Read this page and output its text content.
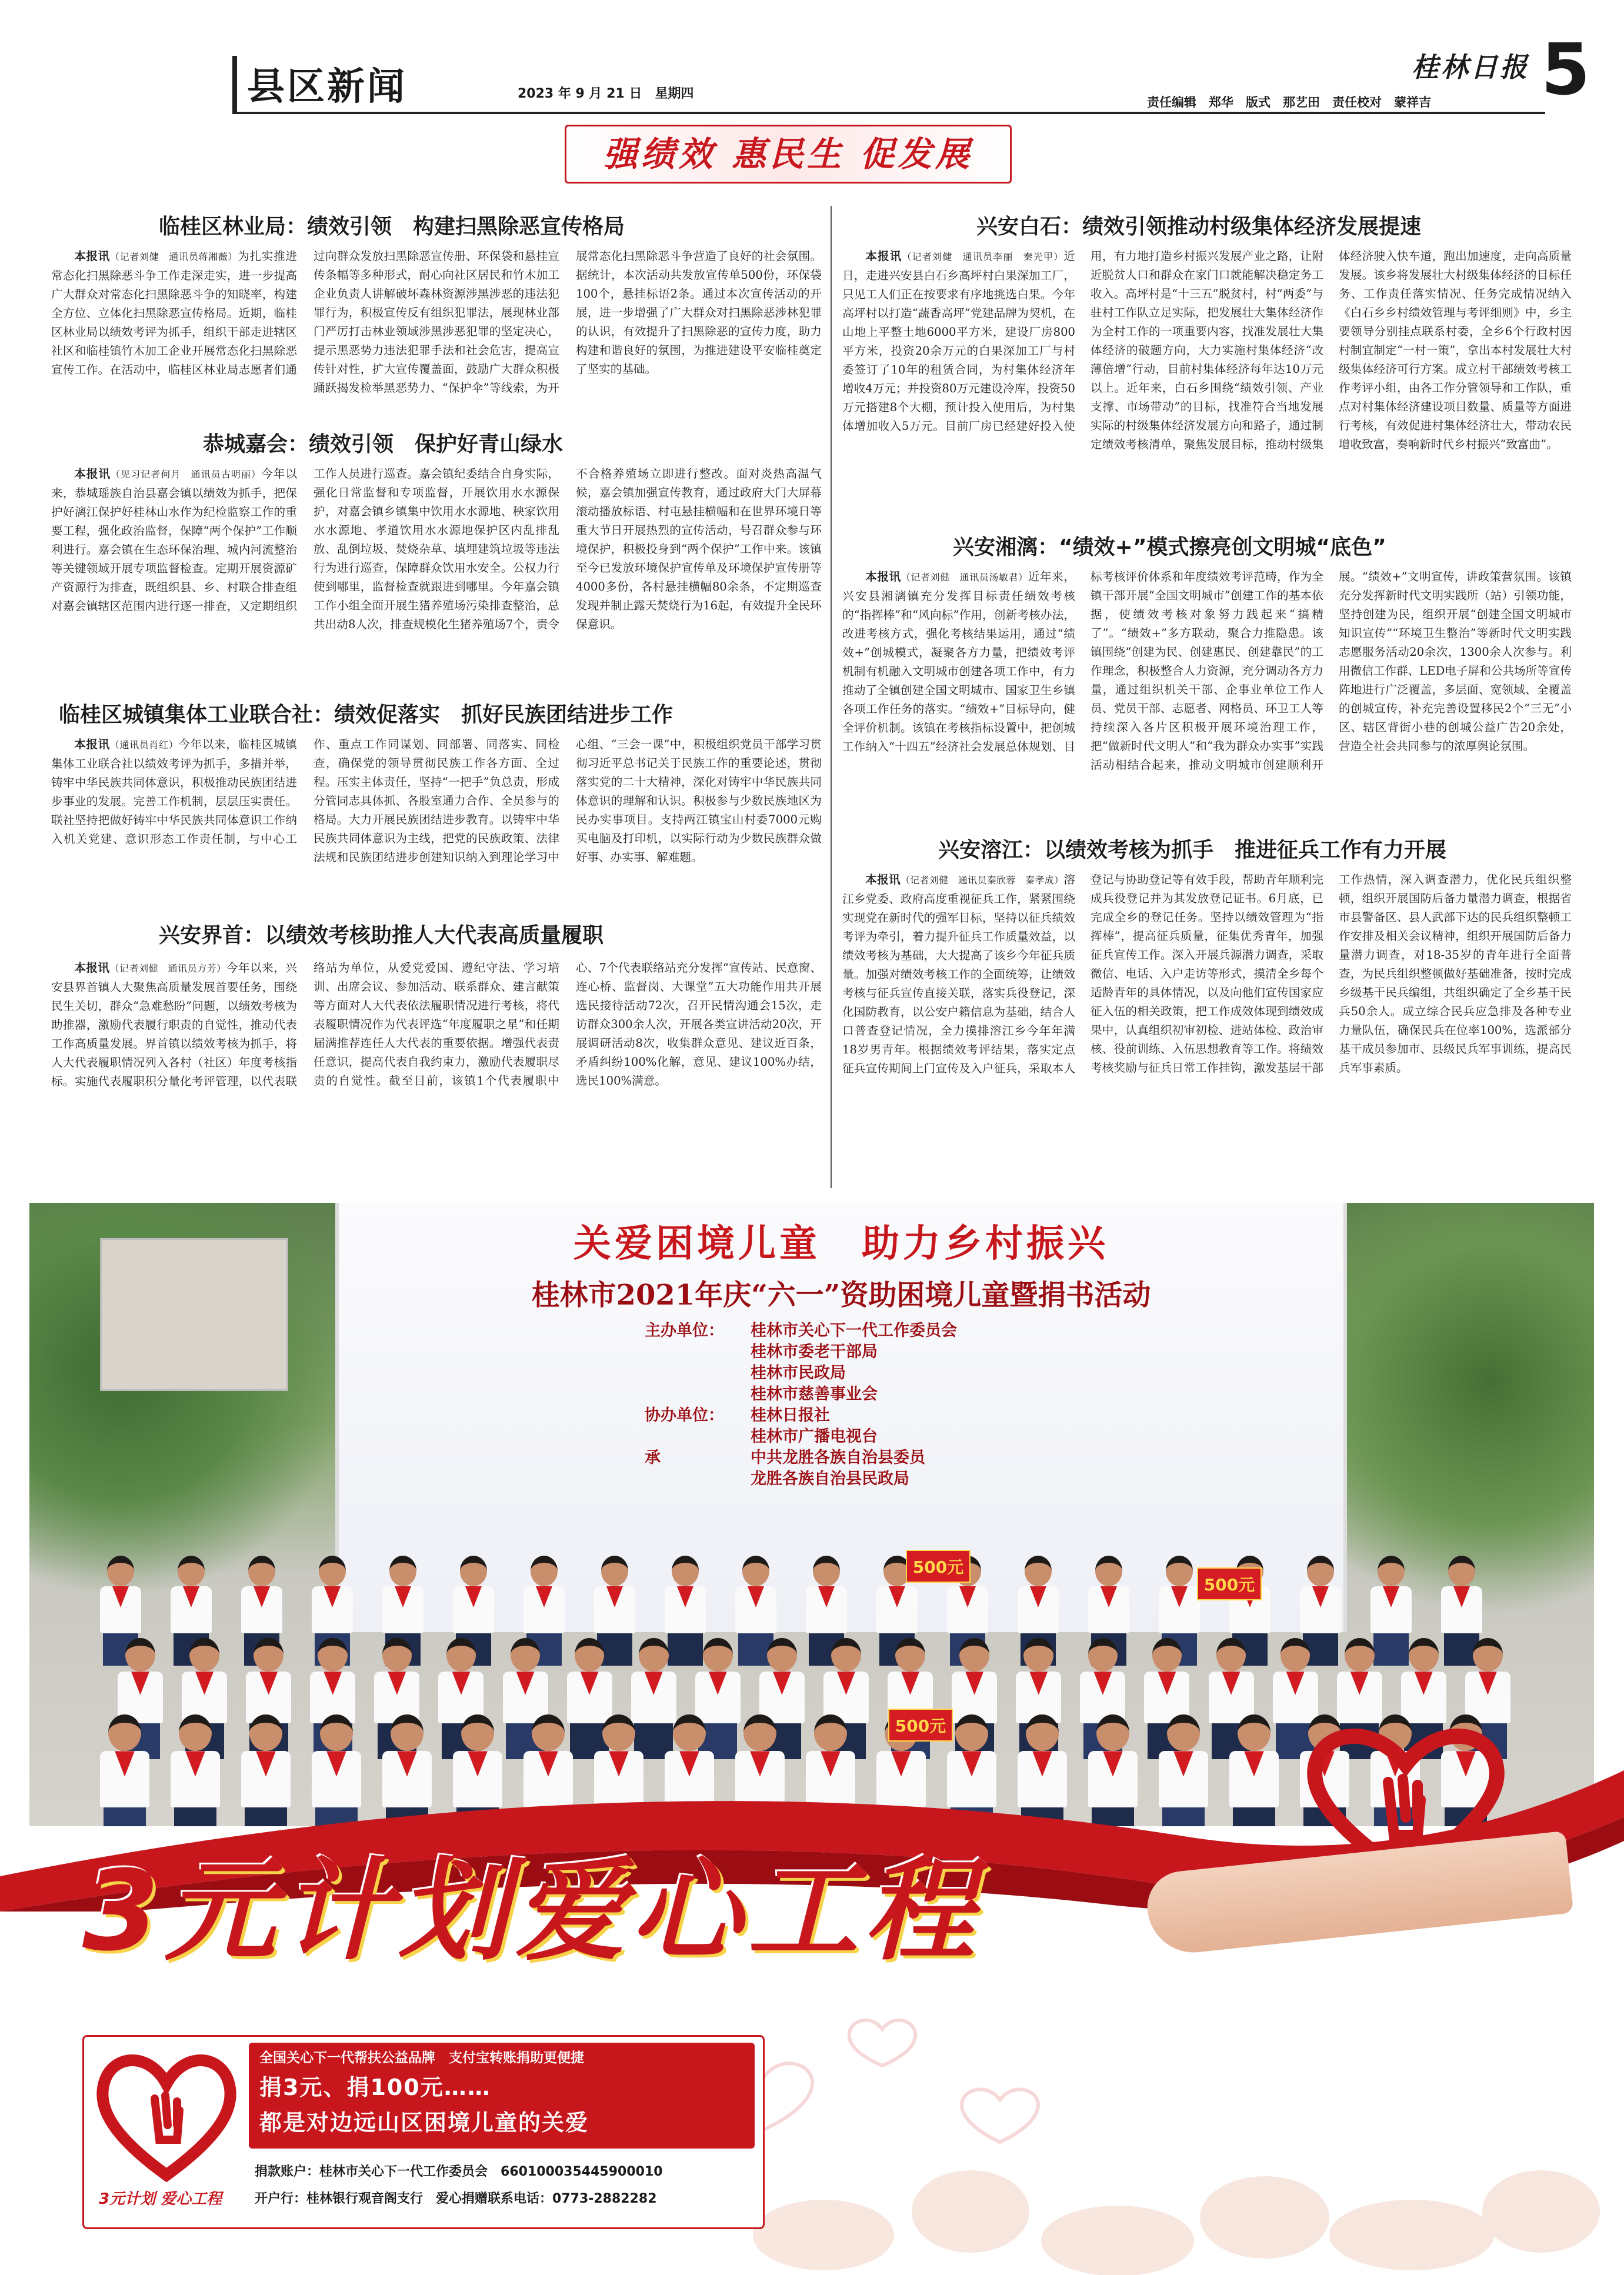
县区新闻	2023 年 9 月 21 日　星期四
桂林日报 5
责任编辑　郑华　版式　那艺田　责任校对　蒙祥吉
强绩效 惠民生 促发展
临桂区林业局：绩效引领　构建扫黑除恶宣传格局

本报讯（记者刘健　通讯员蒋湘薇）为扎实推进常态化扫黑除恶斗争工作走深走实，进一步提高广大群众对常态化扫黑除恶斗争的知晓率，构建全方位、立体化扫黑除恶宣传格局。近期，临桂区林业局以绩效考评为抓手，组织干部走进辖区社区和临桂镇竹木加工企业开展常态化扫黑除恶宣传工作。在活动中，临桂区林业局志愿者们通过向群众发放扫黑除恶宣传册、环保袋和悬挂宣传条幅等多种形式，耐心向社区居民和竹木加工企业负责人讲解破坏森林资源涉黑涉恶的违法犯罪行为，积极宣传反有组织犯罪法，展现林业部门严厉打击林业领域涉黑涉恶犯罪的坚定决心，提示黑恶势力违法犯罪手法和社会危害，提高宣传针对性，扩大宣传覆盖面，鼓励广大群众积极踊跃揭发检举黑恶势力、“保护伞”等线索，为开展常态化扫黑除恶斗争营造了良好的社会氛围。据统计，本次活动共发放宣传单500份，环保袋100个，悬挂标语2条。通过本次宣传活动的开展，进一步增强了广大群众对扫黑除恶涉林犯罪的认识，有效提升了扫黑除恶的宣传力度，助力构建和谐良好的氛围，为推进建设平安临桂奠定了坚实的基础。

恭城嘉会：绩效引领　保护好青山绿水

本报讯（见习记者何月　通讯员古明丽）今年以来，恭城瑶族自治县嘉会镇以绩效为抓手，把保护好漓江保护好桂林山水作为纪检监察工作的重要工程，强化政治监督，保障“两个保护”工作顺利进行。嘉会镇在生态环保治理、城内河流整治等关键领域开展专项监督检查。定期开展资源矿产资源行为排查，既组织县、乡、村联合排查组对嘉会镇辖区范围内进行逐一排查，又定期组织工作人员进行巡查。嘉会镇纪委结合自身实际，强化日常监督和专项监督，开展饮用水水源保护，对嘉会镇乡镇集中饮用水水源地、秧家饮用水水源地、孝道饮用水水源地保护区内乱排乱放、乱倒垃圾、焚烧杂草、填埋建筑垃圾等违法行为进行巡查，保障群众饮用水安全。公权力行使到哪里，监督检查就跟进到哪里。今年嘉会镇工作小组全面开展生猪养殖场污染排查整治，总共出动8人次，排查规模化生猪养殖场7个，责令不合格养殖场立即进行整改。面对炎热高温气候，嘉会镇加强宣传教育，通过政府大门大屏幕滚动播放标语、村屯悬挂横幅和在世界环境日等重大节日开展热烈的宣传活动，号召群众参与环境保护，积极投身到“两个保护”工作中来。该镇至今已发放环境保护宣传单及环境保护宣传册等4000多份，各村悬挂横幅80余条，不定期巡查发现并制止露天焚烧行为16起，有效提升全民环保意识。

临桂区城镇集体工业联合社：绩效促落实　抓好民族团结进步工作

本报讯（通讯员肖红）今年以来，临桂区城镇集体工业联合社以绩效考评为抓手，多措并举，铸牢中华民族共同体意识，积极推动民族团结进步事业的发展。完善工作机制，层层压实责任。联社坚持把做好铸牢中华民族共同体意识工作纳入机关党建、意识形态工作责任制，与中心工作、重点工作同谋划、同部署、同落实、同检查，确保党的领导贯彻民族工作各方面、全过程。压实主体责任，坚持“一把手”负总责，形成分管同志具体抓、各股室通力合作、全员参与的格局。大力开展民族团结进步教育。以铸牢中华民族共同体意识为主线，把党的民族政策、法律法规和民族团结进步创建知识纳入到理论学习中心组、“三会一课”中，积极组织党员干部学习贯彻习近平总书记关于民族工作的重要论述，贯彻落实党的二十大精神，深化对铸牢中华民族共同体意识的理解和认识。积极参与少数民族地区为民办实事项目。支持两江镇宝山村委7000元购买电脑及打印机，以实际行动为少数民族群众做好事、办实事、解难题。

兴安界首：以绩效考核助推人大代表高质量履职

本报讯（记者刘健　通讯员方芳）今年以来，兴安县界首镇人大聚焦高质量发展首要任务，围绕民生关切，群众“急难愁盼”问题，以绩效考核为助推器，激励代表履行职责的自觉性，推动代表工作高质量发展。界首镇以绩效考核为抓手，将人大代表履职情况列入各村（社区）年度考核指标。实施代表履职积分量化考评管理，以代表联络站为单位，从爱党爱国、遵纪守法、学习培训、出席会议、参加活动、联系群众、建言献策等方面对人大代表依法履职情况进行考核，将代表履职情况作为代表评选“年度履职之星”和任期届满推荐连任人大代表的重要依据。增强代表责任意识，提高代表自我约束力，激励代表履职尽责的自觉性。截至目前，该镇1个代表履职中心、7个代表联络站充分发挥“宣传站、民意窗、连心桥、监督岗、大课堂”五大功能作用共开展选民接待活动72次，召开民情沟通会15次，走访群众300余人次，开展各类宣讲活动20次，开展调研活动8次，收集群众意见、建议近百条，矛盾纠纷100%化解，意见、建议100%办结，选民100%满意。

兴安白石：绩效引领推动村级集体经济发展提速

本报讯（记者刘健　通讯员李丽　秦光甲）近日，走进兴安县白石乡高坪村白果深加工厂，只见工人们正在按要求有序地挑选白果。今年高坪村以打造“蔬香高坪”党建品牌为契机，在山地上平整土地6000平方米，建设厂房800平方米，投资20余万元的白果深加工厂与村委签订了10年的租赁合同，为村集体经济年增收4万元；并投资80万元建设冷库，投资50万元搭建8个大棚，预计投入使用后，为村集体增加收入5万元。目前厂房已经建好投入使用，有力地打造乡村振兴发展产业之路，让附近脱贫人口和群众在家门口就能解决稳定务工收入。高坪村是“十三五”脱贫村，村“两委”与驻村工作队立足实际，把发展壮大集体经济作为全村工作的一项重要内容，找准发展壮大集体经济的破题方向，大力实施村集体经济“改薄倍增”行动，目前村集体经济每年达10万元以上。近年来，白石乡围绕“绩效引领、产业支撑、市场带动”的目标，找准符合当地发展实际的村级集体经济发展方向和路子，通过制定绩效考核清单，聚焦发展目标，推动村级集体经济驶入快车道，跑出加速度，走向高质量发展。该乡将发展壮大村级集体经济的目标任务、工作责任落实情况、任务完成情况纳入《白石乡乡村绩效管理与考评细则》中，乡主要领导分别挂点联系村委，全乡6个行政村因村制宜制定“一村一策”，拿出本村发展壮大村级集体经济可行方案。成立村干部绩效考核工作考评小组，由各工作分管领导和工作队，重点对村集体经济建设项目数量、质量等方面进行考核，有效促进村集体经济壮大，带动农民增收致富，奏响新时代乡村振兴“致富曲”。

兴安湘漓：“绩效+”模式擦亮创文明城“底色”

本报讯（记者刘健　通讯员汤敏君）近年来，兴安县湘漓镇充分发挥目标责任绩效考核的“指挥棒”和“风向标”作用，创新考核办法，改进考核方式，强化考核结果运用，通过“绩效+”创城模式，凝聚各方力量，把绩效考评机制有机融入文明城市创建各项工作中，有力推动了全镇创建全国文明城市、国家卫生乡镇各项工作任务的落实。“绩效+”目标导向，健全评价机制。该镇在考核指标设置中，把创城工作纳入“十四五”经济社会发展总体规划、目标考核评价体系和年度绩效考评范畴，作为全镇干部开展“全国文明城市”创建工作的基本依据，使绩效考核对象努力践起来“搞精了”。“绩效+”多方联动，聚合力推隐患。该镇围绕“创建为民、创建惠民、创建靠民”的工作理念，积极整合人力资源，充分调动各方力量，通过组织机关干部、企事业单位工作人员、党员干部、志愿者、网格员、环卫工人等持续深入各片区积极开展环境治理工作，把“做新时代文明人”和“我为群众办实事”实践活动相结合起来，推动文明城市创建顺利开展。“绩效+”文明宣传，讲政策营氛围。该镇充分发挥新时代文明实践所（站）引领功能，坚持创建为民，组织开展“创建全国文明城市知识宣传”“环境卫生整治”等新时代文明实践志愿服务活动20余次，1300余人次参与。利用微信工作群、LED电子屏和公共场所等宣传阵地进行广泛覆盖，多层面、宽领域、全覆盖的创城宣传，补充完善设置移民2个“三无”小区、辖区背街小巷的创城公益广告20余处，营造全社会共同参与的浓厚舆论氛围。

兴安溶江：以绩效考核为抓手　推进征兵工作有力开展

本报讯（记者刘健　通讯员秦欣蓉　秦孝成）溶江乡党委、政府高度重视征兵工作，紧紧围绕实现党在新时代的强军目标，坚持以征兵绩效考评为牵引，着力提升征兵工作质量效益，以绩效考核为基础，大大提高了该乡今年征兵质量。加强对绩效考核工作的全面统筹，让绩效考核与征兵宣传直接关联，落实兵役登记，深化国防教育，以公安户籍信息为基础，结合人口普查登记情况，全力摸排溶江乡今年年满18岁男青年。根据绩效考评结果，落实定点征兵宣传期间上门宣传及入户征兵，采取本人登记与协助登记等有效手段，帮助青年顺利完成兵役登记并为其发放登记证书。6月底，已完成全乡的登记任务。坚持以绩效管理为“指挥棒”，提高征兵质量，征集优秀青年，加强征兵宣传工作。深入开展兵源潜力调查，采取微信、电话、入户走访等形式，摸清全乡每个适龄青年的具体情况，以及向他们宣传国家应征入伍的相关政策，把工作成效体现到绩效成果中，认真组织初审初检、进站体检、政治审核、役前训练、入伍思想教育等工作。将绩效考核奖励与征兵日常工作挂钩，激发基层干部工作热情，深入调查潜力，优化民兵组织整顿，组织开展国防后备力量潜力调查，根据省市县警备区、县人武部下达的民兵组织整顿工作安排及相关会议精神，组织开展国防后备力量潜力调查，对18-35岁的青年进行全面普查，为民兵组织整顿做好基础准备，按时完成乡级基干民兵编组，共组织确定了全乡基干民兵50余人。成立综合民兵应急排及各种专业力量队伍，确保民兵在位率100%，选派部分基干成员参加市、县级民兵军事训练，提高民兵军事素质。

关爱困境儿童　助力乡村振兴
桂林市2021年庆“六一”资助困境儿童暨捐书活动
主办单位：	桂林市关心下一代工作委员会
桂林市委老干部局
桂林市民政局
桂林市慈善事业会
协办单位：	桂林日报社
桂林市广播电视台
承	中共龙胜各族自治县委员
龙胜各族自治县民政局
500元
500元
500元
3元计划爱心工程
3元计划 爱心工程
全国关心下一代帮扶公益品牌　支付宝转账捐助更便捷
捐3元、捐100元……
都是对边远山区困境儿童的关爱
捐款账户：桂林市关心下一代工作委员会　660100035445900010
开户行：桂林银行观音阁支行　爱心捐赠联系电话：0773-2882282
